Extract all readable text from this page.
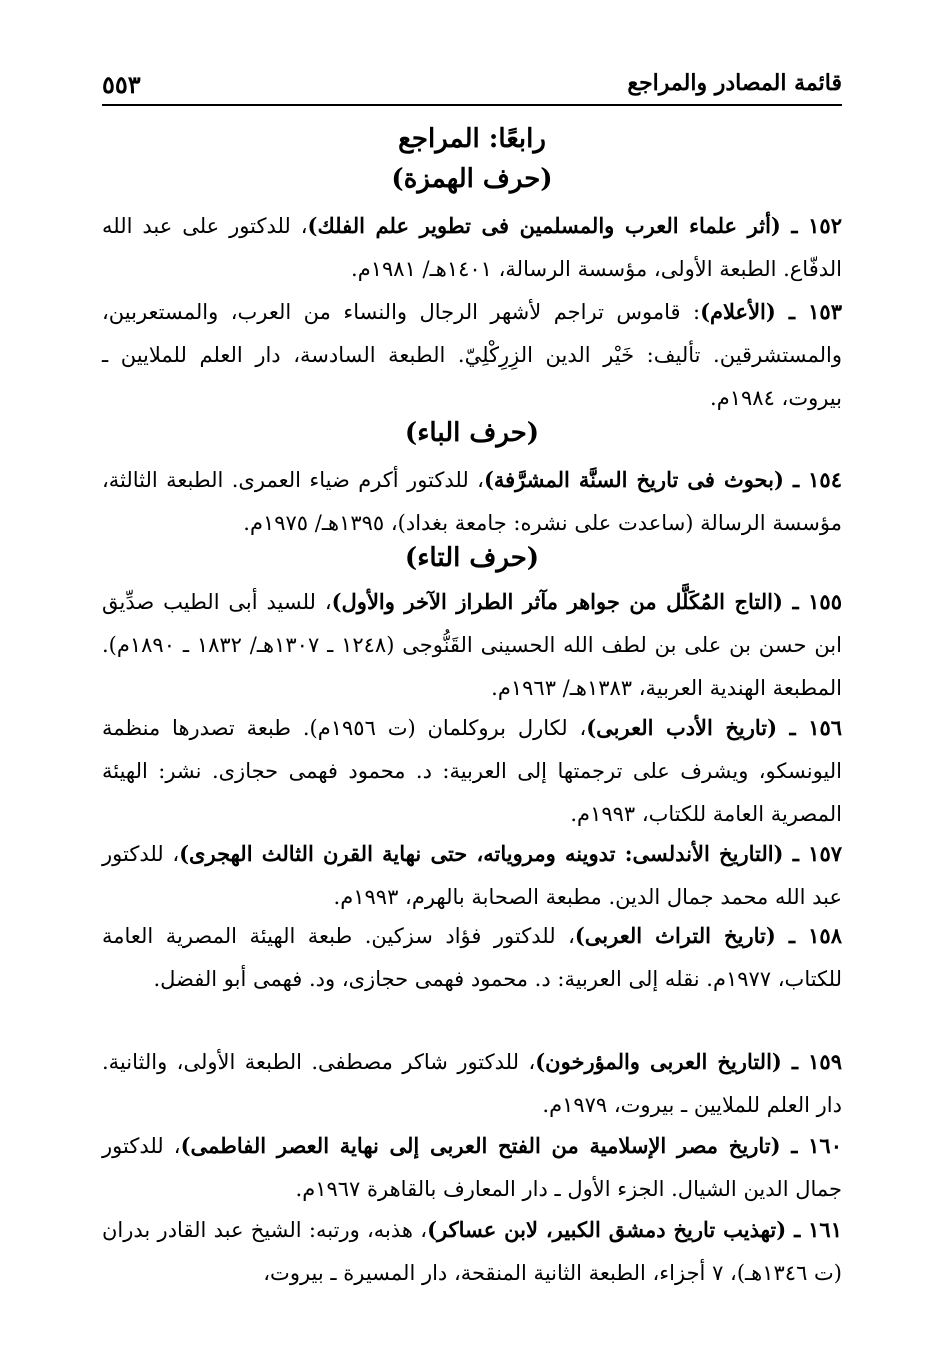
قائمة المصادر والمراجع
٥٥٣
رابعًا: المراجع
(حرف الهمزة)
١٥٢ ـ (أثر علماء العرب والمسلمين فى تطوير علم الفلك)، للدكتور على عبد الله الدفّاع. الطبعة الأولى، مؤسسة الرسالة، ١٤٠١هـ/ ١٩٨١م.
١٥٣ ـ (الأعلام): قاموس تراجم لأشهر الرجال والنساء من العرب، والمستعربين، والمستشرقين. تأليف: خَيْر الدين الزِرِكْلِيّ. الطبعة السادسة، دار العلم للملايين ـ بيروت، ١٩٨٤م.
(حرف الباء)
١٥٤ ـ (بحوث فى تاريخ السنَّة المشرَّفة)، للدكتور أكرم ضياء العمرى. الطبعة الثالثة، مؤسسة الرسالة (ساعدت على نشره: جامعة بغداد)، ١٣٩٥هـ/ ١٩٧٥م.
(حرف التاء)
١٥٥ ـ (التاج المُكَلَّل من جواهر مآثر الطراز الآخر والأول)، للسيد أبى الطيب صدِّيق ابن حسن بن على بن لطف الله الحسينى القَنُّوجى (١٢٤٨ ـ ١٣٠٧هـ/ ١٨٣٢ ـ ١٨٩٠م). المطبعة الهندية العربية، ١٣٨٣هـ/ ١٩٦٣م.
١٥٦ ـ (تاريخ الأدب العربى)، لكارل بروكلمان (ت ١٩٥٦م). طبعة تصدرها منظمة اليونسكو، ويشرف على ترجمتها إلى العربية: د. محمود فهمى حجازى. نشر: الهيئة المصرية العامة للكتاب، ١٩٩٣م.
١٥٧ ـ (التاريخ الأندلسى: تدوينه ومروياته، حتى نهاية القرن الثالث الهجرى)، للدكتور عبد الله محمد جمال الدين. مطبعة الصحابة بالهرم، ١٩٩٣م.
١٥٨ ـ (تاريخ التراث العربى)، للدكتور فؤاد سزكين. طبعة الهيئة المصرية العامة للكتاب، ١٩٧٧م. نقله إلى العربية: د. محمود فهمى حجازى، ود. فهمى أبو الفضل.
١٥٩ ـ (التاريخ العربى والمؤرخون)، للدكتور شاكر مصطفى. الطبعة الأولى، والثانية. دار العلم للملايين ـ بيروت، ١٩٧٩م.
١٦٠ ـ (تاريخ مصر الإسلامية من الفتح العربى إلى نهاية العصر الفاطمى)، للدكتور جمال الدين الشيال. الجزء الأول ـ دار المعارف بالقاهرة ١٩٦٧م.
١٦١ ـ (تهذيب تاريخ دمشق الكبير، لابن عساكر)، هذبه، ورتبه: الشيخ عبد القادر بدران (ت ١٣٤٦هـ)، ٧ أجزاء، الطبعة الثانية المنقحة، دار المسيرة ـ بيروت،
